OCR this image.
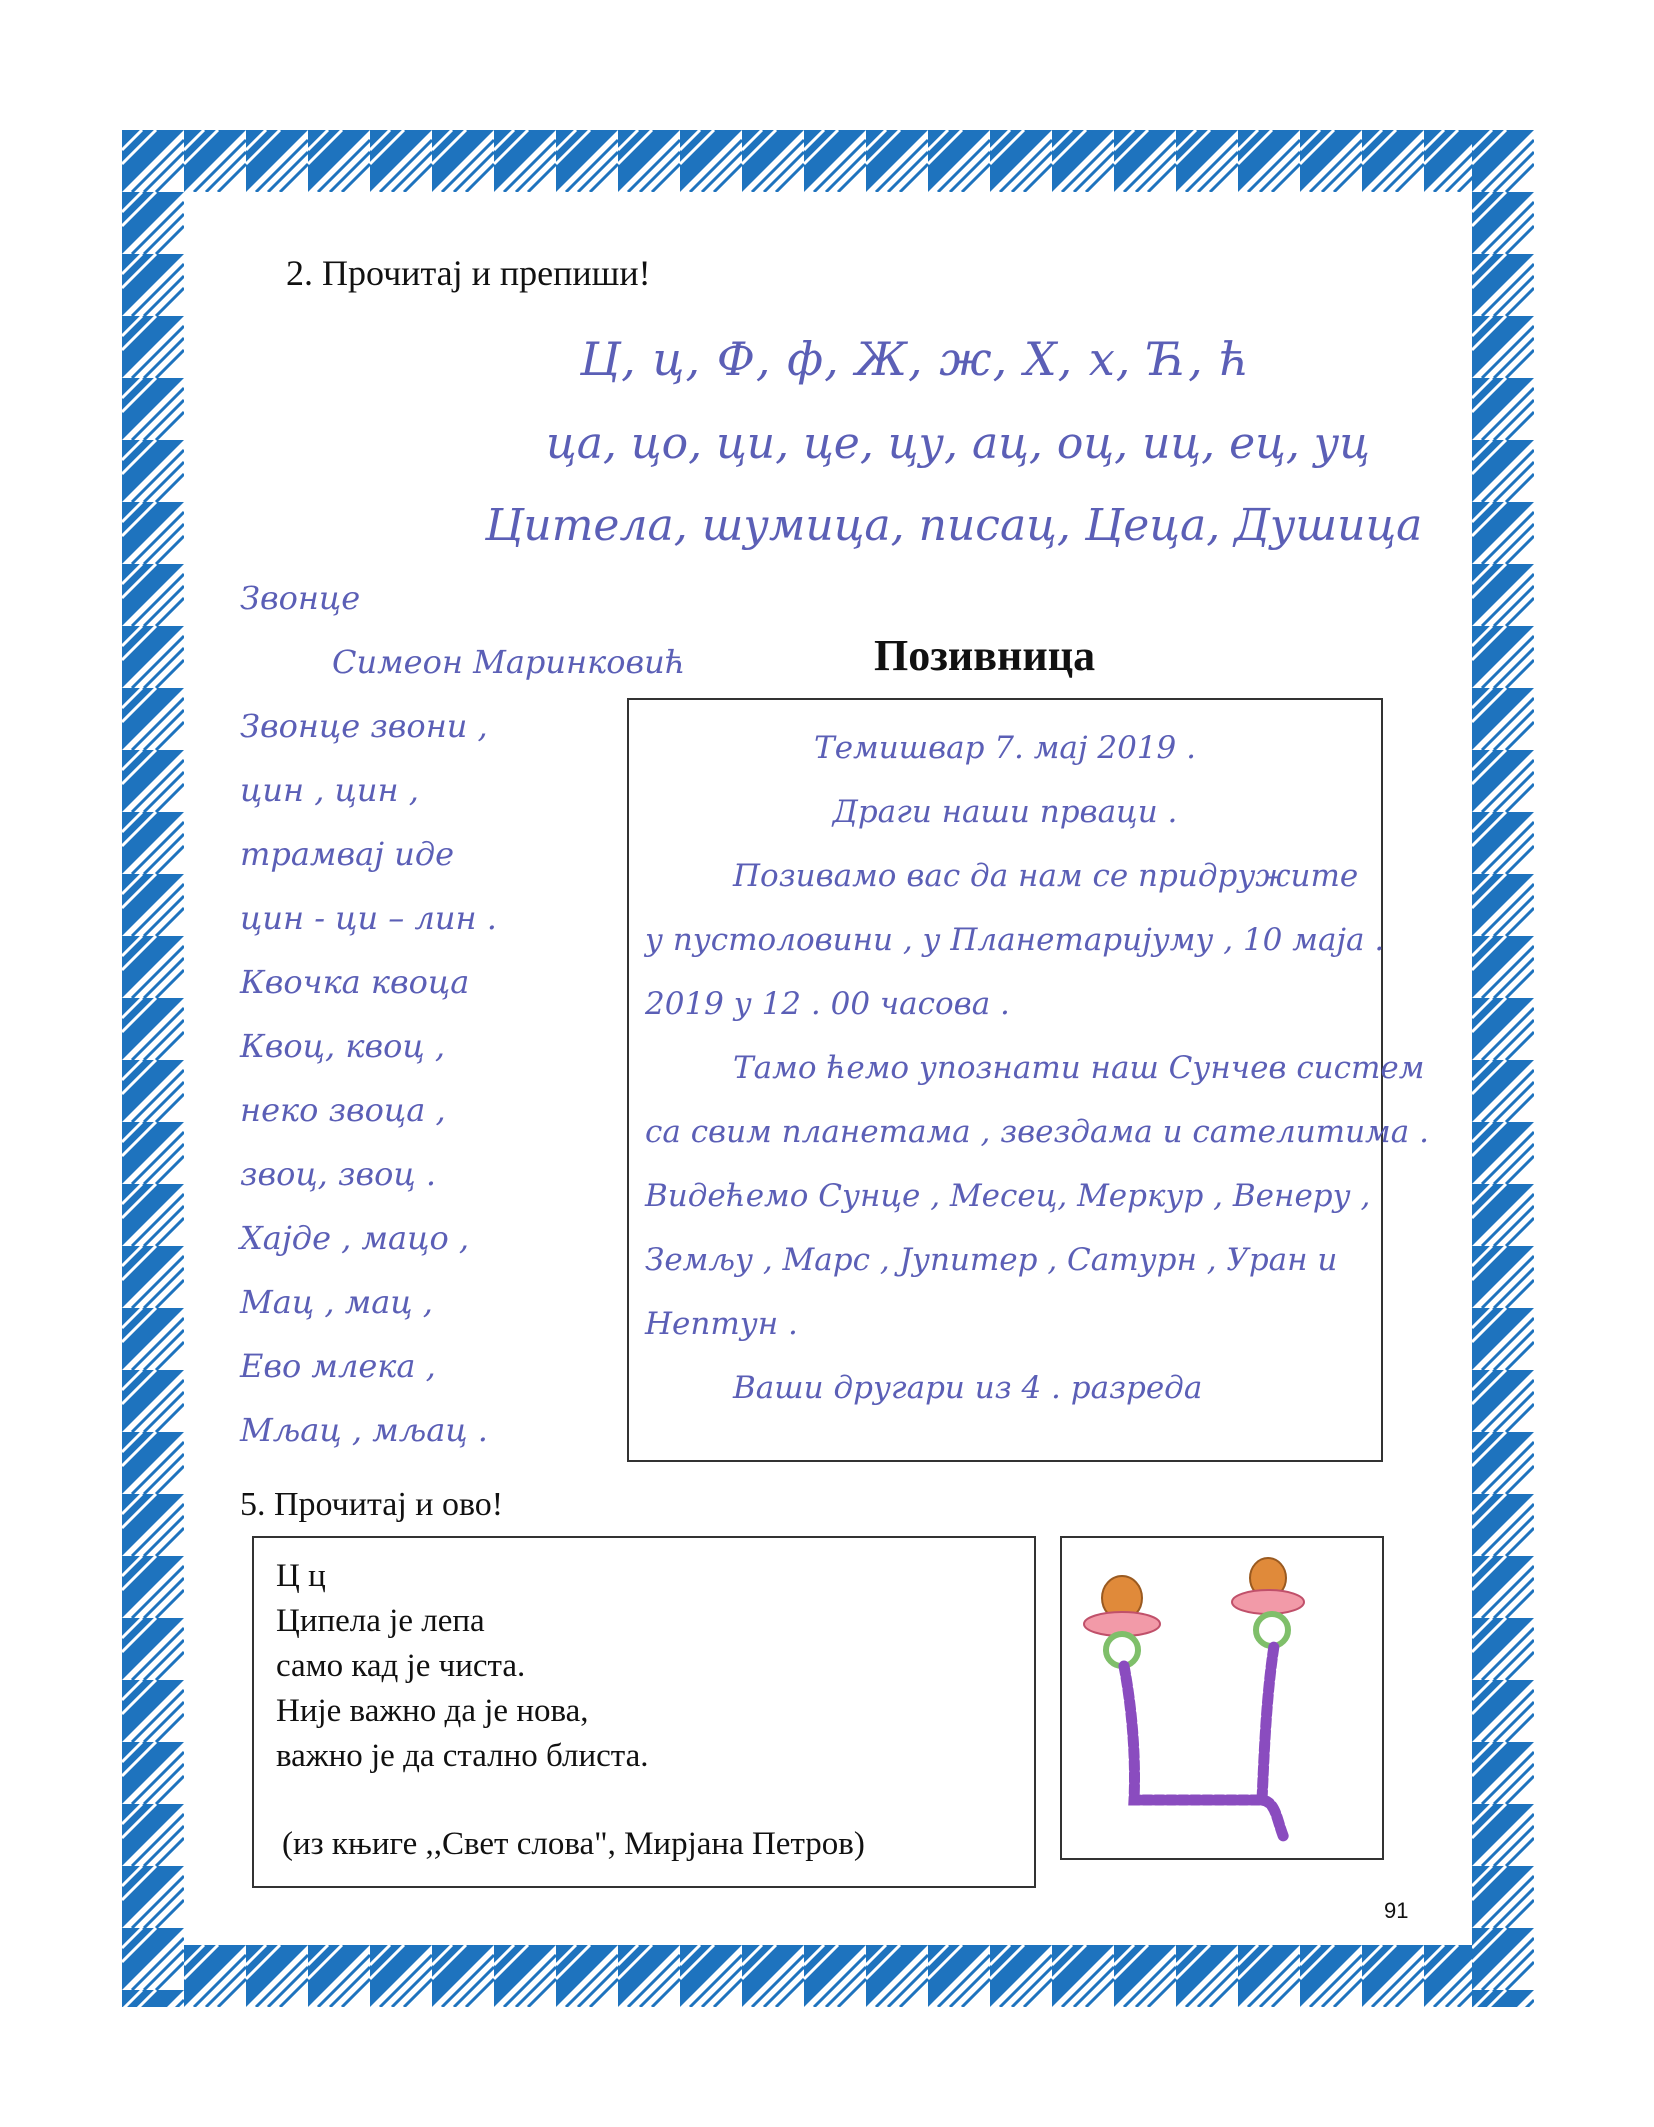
2. Прочитај и препиши!
Ц, ц, Ф, ф, Ж, ж, Х, х, Ћ, ћ
ца, цо, ци, це, цу, ац, оц, иц, ец, уц
Цитела, шумица, писац, Цеца, Душица
Звонце
Симеон Маринковић
Звонце звони ,
цин , цин ,
трамвај иде
цин - ци – лин .
Квочка квоца
Квоц, квоц ,
неко звоца ,
звоц, звоц .
Хајде , мацо ,
Мац , мац ,
Ево млека ,
Мљац , мљац .
Позивница
Темишвар 7. мај 2019 .
Драги наши прваци .
Позивамо вас да нам се придружите
у пустоловини , у Планетаријуму , 10 маја .
2019 у 12 . 00 часова .
Тамо ћемо упознати наш Сунчев систем
са свим планетама , звездама и сателитима .
Видећемо Сунце , Месец, Меркур , Венеру ,
Земљу , Марс , Јупитер , Сатурн , Уран и
Нептун .
Ваши другари из 4 . разреда
5. Прочитај и ово!
Ц ц
Ципела је лепа
само кад је чиста.
Није важно да је нова,
важно је да стално блиста.
(из књиге ,,Свет слова", Мирјана Петров)
91
